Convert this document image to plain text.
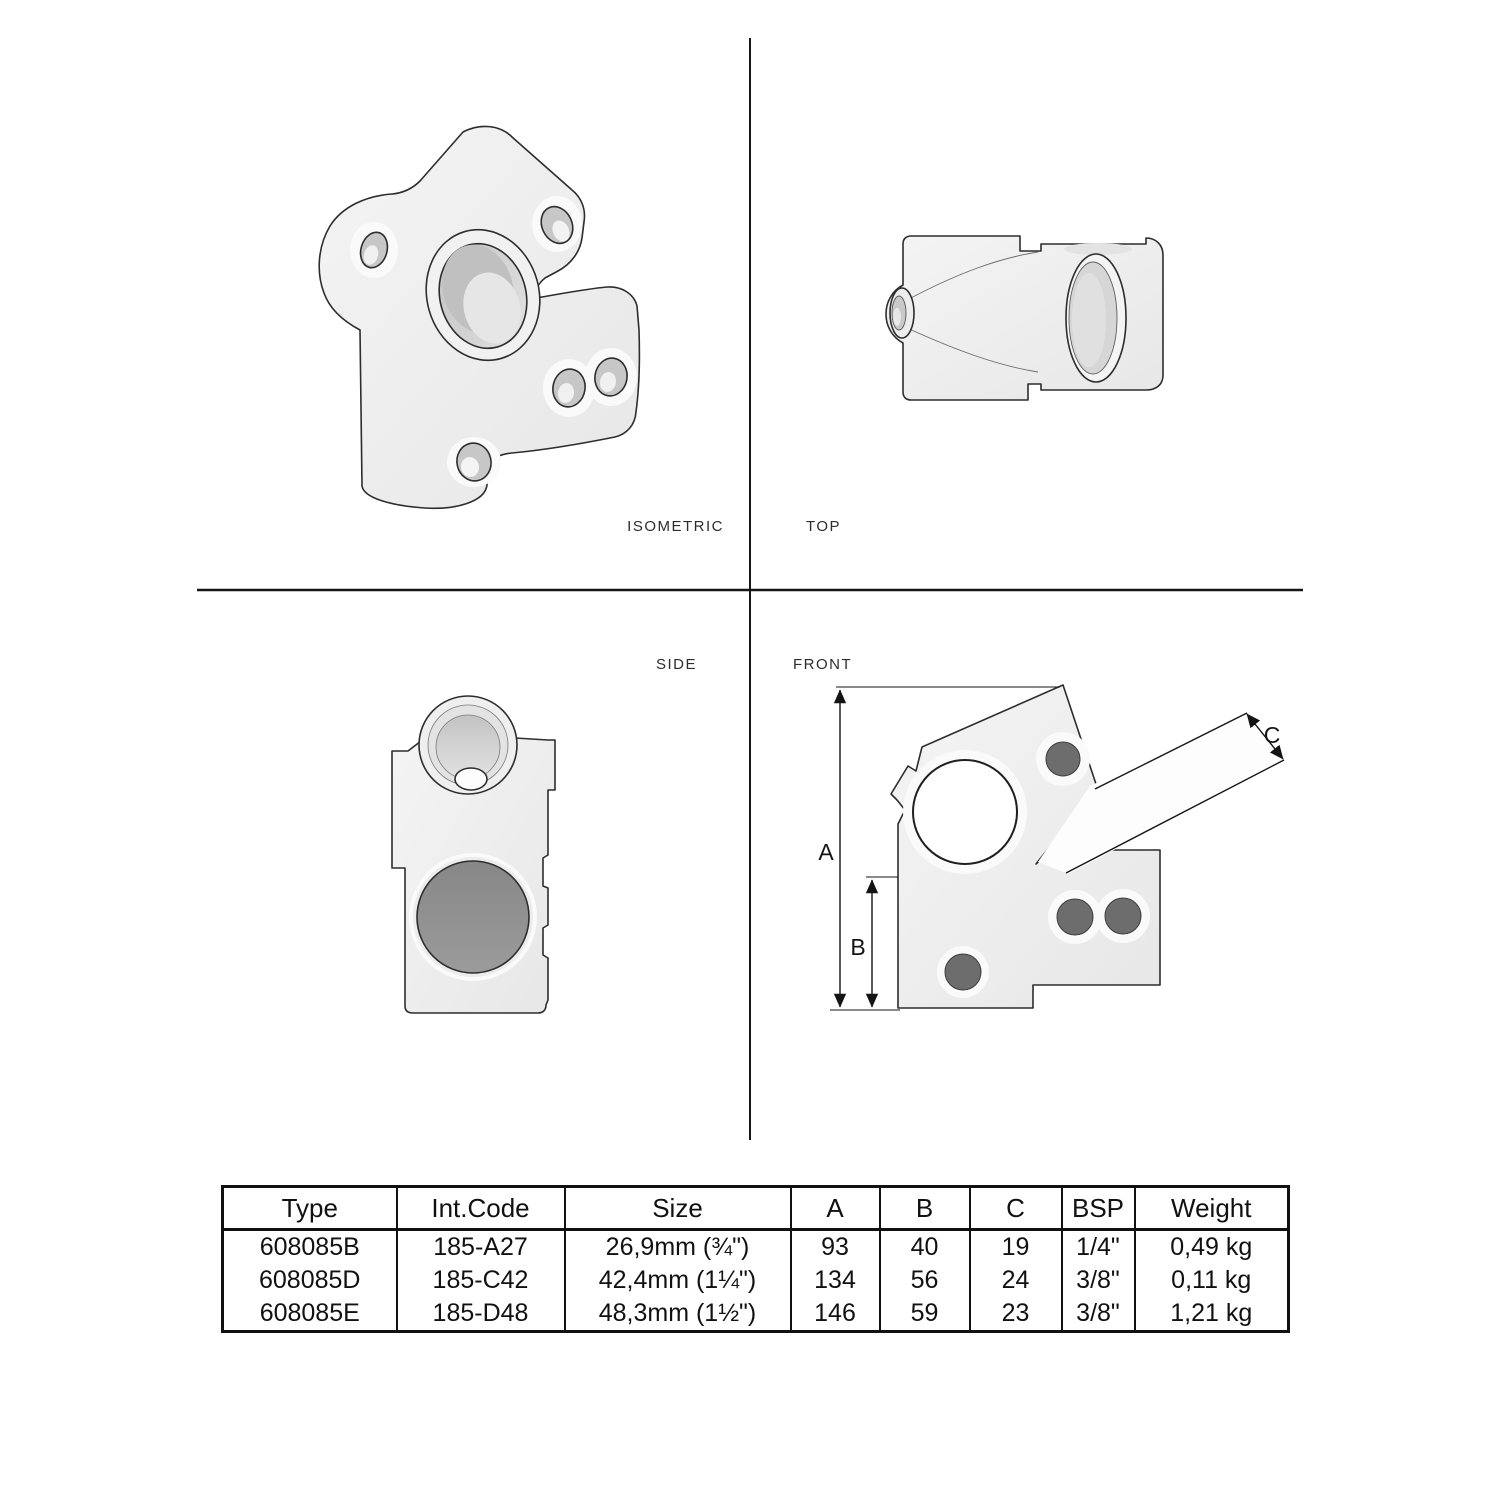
ISOMETRIC	TOP
SIDE	FRONT
A
B
C
Type	Int.Code	Size	A	B	C	BSP	Weight
608085B	185-A27	26,9mm (¾")	93	40	19	1/4"	0,49 kg
608085D	185-C42	42,4mm (1¼")	134	56	24	3/8"	0,11 kg
608085E	185-D48	48,3mm (1½")	146	59	23	3/8"	1,21 kg
